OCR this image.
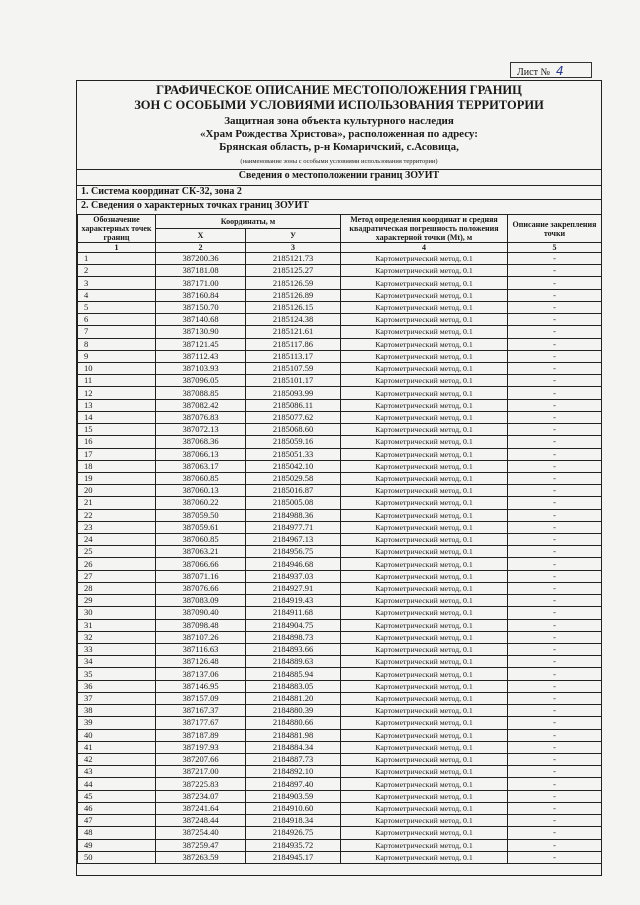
Лист № 4
ГРАФИЧЕСКОЕ ОПИСАНИЕ МЕСТОПОЛОЖЕНИЯ ГРАНИЦ
ЗОН С ОСОБЫМИ УСЛОВИЯМИ ИСПОЛЬЗОВАНИЯ ТЕРРИТОРИИ
Защитная зона объекта культурного наследия
«Храм Рождества Христова», расположенная по адресу:
Брянская область, р-н Комаричский, с.Асовица,
(наименование зоны с особыми условиями использования территории)
Сведения о местоположении границ ЗОУИТ
1. Система координат СК-32, зона 2
2. Сведения о характерных точках границ ЗОУИТ
Обозначение характерных точек границ	Координаты, м		Метод определения координат и средняя квадратическая погрешность положения характерной точки (Mt), м	Описание закрепления точки
	X	У		
1	2	3	4	5
1	387200.36	2185121.73	Картометрический метод, 0.1	-
2	387181.08	2185125.27	Картометрический метод, 0.1	-
3	387171.00	2185126.59	Картометрический метод, 0.1	-
4	387160.84	2185126.89	Картометрический метод, 0.1	-
5	387150.70	2185126.15	Картометрический метод, 0.1	-
6	387140.68	2185124.38	Картометрический метод, 0.1	-
7	387130.90	2185121.61	Картометрический метод, 0.1	-
8	387121.45	2185117.86	Картометрический метод, 0.1	-
9	387112.43	2185113.17	Картометрический метод, 0.1	-
10	387103.93	2185107.59	Картометрический метод, 0.1	-
11	387096.05	2185101.17	Картометрический метод, 0.1	-
12	387088.85	2185093.99	Картометрический метод, 0.1	-
13	387082.42	2185086.11	Картометрический метод, 0.1	-
14	387076.83	2185077.62	Картометрический метод, 0.1	-
15	387072.13	2185068.60	Картометрический метод, 0.1	-
16	387068.36	2185059.16	Картометрический метод, 0.1	-
17	387066.13	2185051.33	Картометрический метод, 0.1	-
18	387063.17	2185042.10	Картометрический метод, 0.1	-
19	387060.85	2185029.58	Картометрический метод, 0.1	-
20	387060.13	2185016.87	Картометрический метод, 0.1	-
21	387060.22	2185005.08	Картометрический метод, 0.1	-
22	387059.50	2184988.36	Картометрический метод, 0.1	-
23	387059.61	2184977.71	Картометрический метод, 0.1	-
24	387060.85	2184967.13	Картометрический метод, 0.1	-
25	387063.21	2184956.75	Картометрический метод, 0.1	-
26	387066.66	2184946.68	Картометрический метод, 0.1	-
27	387071.16	2184937.03	Картометрический метод, 0.1	-
28	387076.66	2184927.91	Картометрический метод, 0.1	-
29	387083.09	2184919.43	Картометрический метод, 0.1	-
30	387090.40	2184911.68	Картометрический метод, 0.1	-
31	387098.48	2184904.75	Картометрический метод, 0.1	-
32	387107.26	2184898.73	Картометрический метод, 0.1	-
33	387116.63	2184893.66	Картометрический метод, 0.1	-
34	387126.48	2184889.63	Картометрический метод, 0.1	-
35	387137.06	2184885.94	Картометрический метод, 0.1	-
36	387146.95	2184883.05	Картометрический метод, 0.1	-
37	387157.09	2184881.20	Картометрический метод, 0.1	-
38	387167.37	2184880.39	Картометрический метод, 0.1	-
39	387177.67	2184880.66	Картометрический метод, 0.1	-
40	387187.89	2184881.98	Картометрический метод, 0.1	-
41	387197.93	2184884.34	Картометрический метод, 0.1	-
42	387207.66	2184887.73	Картометрический метод, 0.1	-
43	387217.00	2184892.10	Картометрический метод, 0.1	-
44	387225.83	2184897.40	Картометрический метод, 0.1	-
45	387234.07	2184903.59	Картометрический метод, 0.1	-
46	387241.64	2184910.60	Картометрический метод, 0.1	-
47	387248.44	2184918.34	Картометрический метод, 0.1	-
48	387254.40	2184926.75	Картометрический метод, 0.1	-
49	387259.47	2184935.72	Картометрический метод, 0.1	-
50	387263.59	2184945.17	Картометрический метод, 0.1	-
